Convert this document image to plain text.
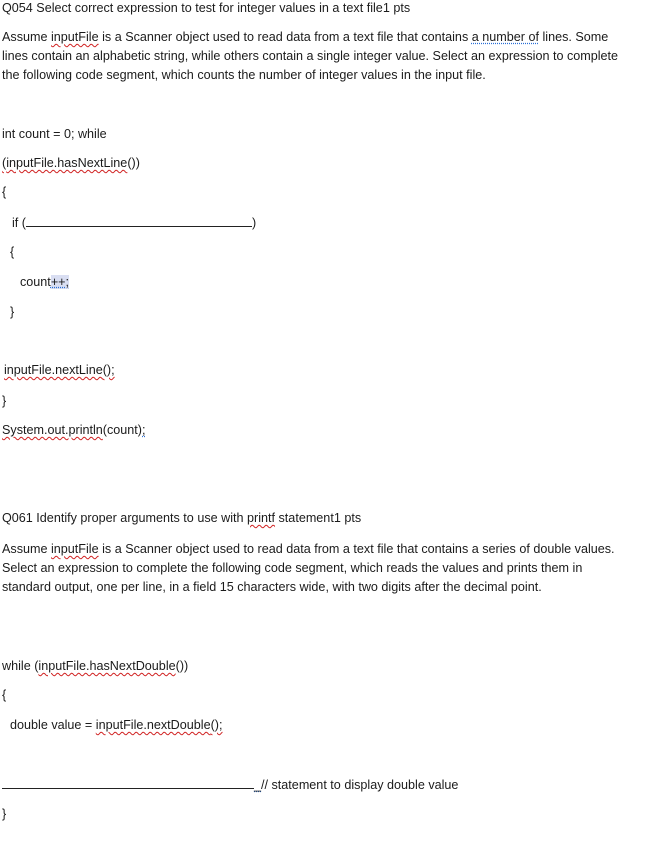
Q054 Select correct expression to test for integer values in a text file1 pts
Assume inputFile is a Scanner object used to read data from a text file that contains a number of lines. Some lines contain an alphabetic string, while others contain a single integer value. Select an expression to complete the following code segment, which counts the number of integer values in the input file.
int count = 0; while
(inputFile.hasNextLine())
{
if (	)
{
count++;
}
inputFile.nextLine();
}
System.out.println(count);
Q061 Identify proper arguments to use with printf statement1 pts
Assume inputFile is a Scanner object used to read data from a text file that contains a series of double values. Select an expression to complete the following code segment, which reads the values and prints them in standard output, one per line, in a field 15 characters wide, with two digits after the decimal point.
while (inputFile.hasNextDouble())
{
double value = inputFile.nextDouble();
_// statement to display double value
}
